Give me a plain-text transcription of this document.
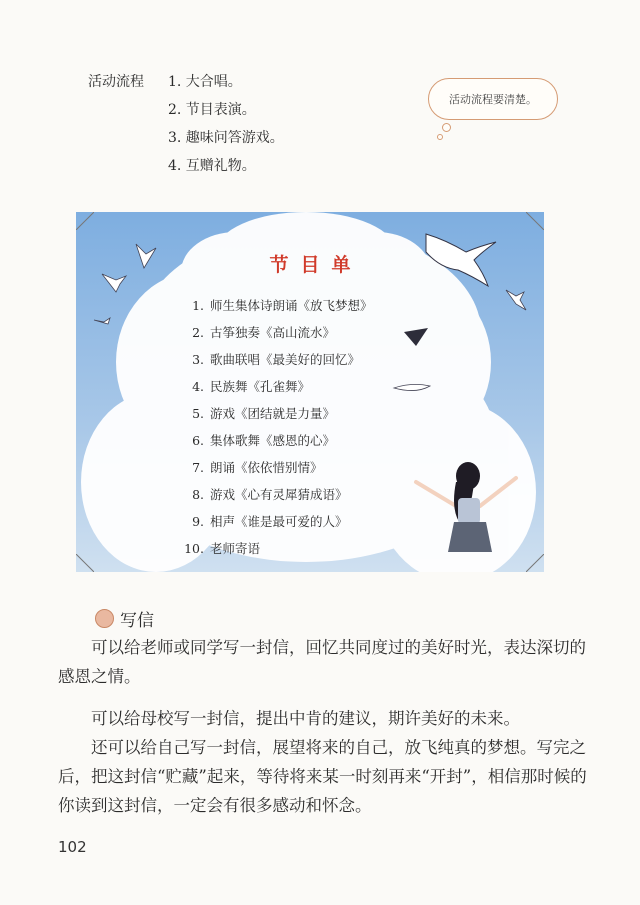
活动流程	1. 大合唱。
2. 节目表演。
3. 趣味问答游戏。
4. 互赠礼物。
活动流程要清楚。
节目单
1. 师生集体诗朗诵《放飞梦想》
2. 古筝独奏《高山流水》
3. 歌曲联唱《最美好的回忆》
4. 民族舞《孔雀舞》
5. 游戏《团结就是力量》
6. 集体歌舞《感恩的心》
7. 朗诵《依依惜别情》
8. 游戏《心有灵犀猜成语》
9. 相声《谁是最可爱的人》
10. 老师寄语
写信

可以给老师或同学写一封信，回忆共同度过的美好时光，表达深切的感恩之情。

可以给母校写一封信，提出中肯的建议，期许美好的未来。

还可以给自己写一封信，展望将来的自己，放飞纯真的梦想。写完之后，把这封信“贮藏”起来，等待将来某一时刻再来“开封”，相信那时候的你读到这封信，一定会有很多感动和怀念。

102
